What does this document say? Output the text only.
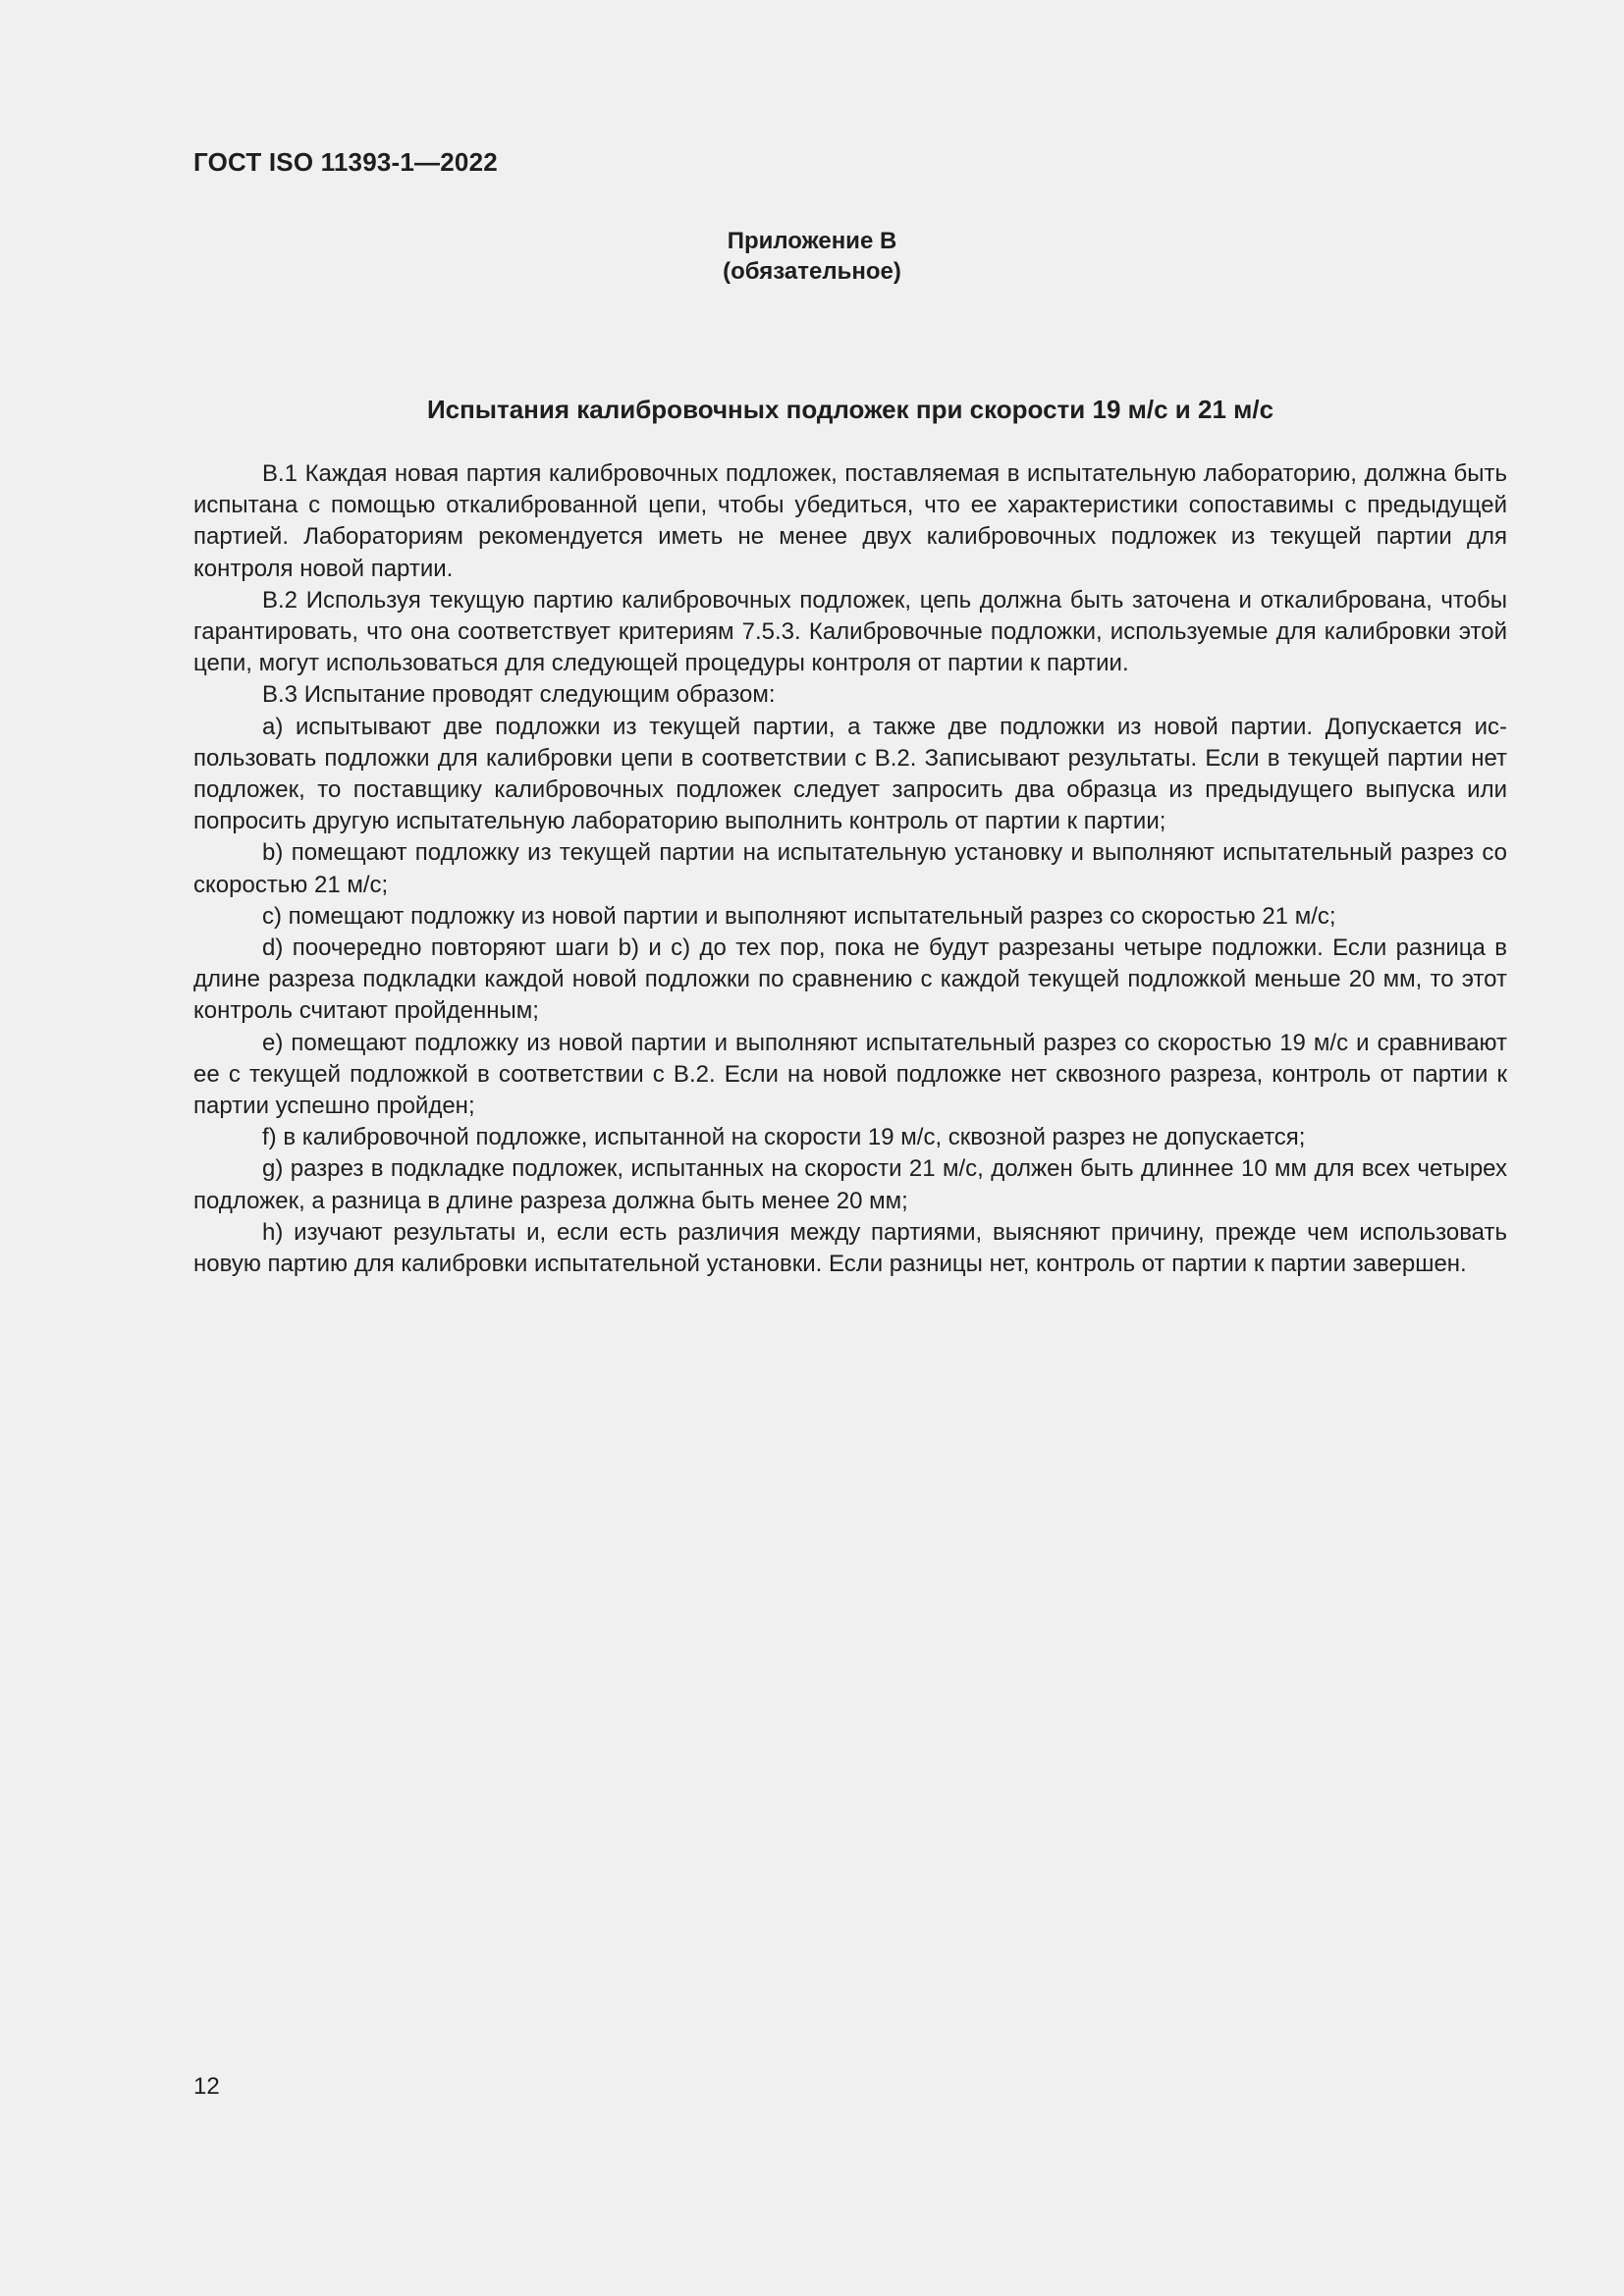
ГОСТ ISO 11393-1—2022
Приложение В
(обязательное)
Испытания калибровочных подложек при скорости 19 м/с и 21 м/с

В.1 Каждая новая партия калибровочных подложек, поставляемая в испытательную лабораторию, должна быть испытана с помощью откалиброванной цепи, чтобы убедиться, что ее характеристики сопоставимы с предыдущей партией. Лабораториям рекомендуется иметь не менее двух калибровочных подложек из текущей партии для контроля новой партии.

В.2 Используя текущую партию калибровочных подложек, цепь должна быть заточена и откалибрована, чтобы гарантировать, что она соответствует критериям 7.5.3. Калибровочные подложки, используемые для калибровки этой цепи, могут использоваться для следующей процедуры контроля от партии к партии.

В.3 Испытание проводят следующим образом:

a) испытывают две подложки из текущей партии, а также две подложки из новой партии. Допускается использовать подложки для калибровки цепи в соответствии с В.2. Записывают результаты. Если в текущей партии нет подложек, то поставщику калибровочных подложек следует запросить два образца из предыдущего выпуска или попросить другую испытательную лабораторию выполнить контроль от партии к партии;

b) помещают подложку из текущей партии на испытательную установку и выполняют испытательный разрез со скоростью 21 м/с;

c) помещают подложку из новой партии и выполняют испытательный разрез со скоростью 21 м/с;

d) поочередно повторяют шаги b) и c) до тех пор, пока не будут разрезаны четыре подложки. Если разница в длине разреза подкладки каждой новой подложки по сравнению с каждой текущей подложкой меньше 20 мм, то этот контроль считают пройденным;

e) помещают подложку из новой партии и выполняют испытательный разрез со скоростью 19 м/с и сравнивают ее с текущей подложкой в соответствии с В.2. Если на новой подложке нет сквозного разреза, контроль от партии к партии успешно пройден;

f) в калибровочной подложке, испытанной на скорости 19 м/с, сквозной разрез не допускается;

g) разрез в подкладке подложек, испытанных на скорости 21 м/с, должен быть длиннее 10 мм для всех четырех подложек, а разница в длине разреза должна быть менее 20 мм;

h) изучают результаты и, если есть различия между партиями, выясняют причину, прежде чем использовать новую партию для калибровки испытательной установки. Если разницы нет, контроль от партии к партии завершен.

12
